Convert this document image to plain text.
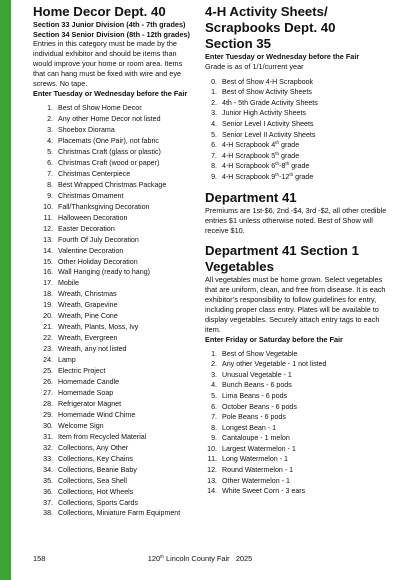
Home Decor Dept. 40

Section 33 Junior Division (4th - 7th grades)

Section 34 Senior Division (8th - 12th grades)

Entries in this category must be made by the individual exhibitor and should be items than would improve your home or room area. Items that can hang must be fixed with wire and eye screws. No tape.

Enter Tuesday or Wednesday before the Fair

1. Best of Show Home Decor
2. Any other Home Decor not listed
3. Shoebox Diorama
4. Placemats (One Pair), not fabric
5. Christmas Craft (glass or plastic)
6. Christmas Craft (wood or paper)
7. Christmas Centerpiece
8. Best Wrapped Christmas Package
9. Christmas Ornament
10. Fall/Thanksgiving Decoration
11. Halloween Decoration
12. Easter Decoration
13. Fourth Of July Decoration
14. Valentine Decoration
15. Other Holiday Decoration
16. Wall Hanging (ready to hang)
17. Mobile
18. Wreath, Christmas
19. Wreath, Grapevine
20. Wreath, Pine Cone
21. Wreath, Plants, Moss, Ivy
22. Wreath, Evergreen
23. Wreath, any not listed
24. Lamp
25. Electric Project
26. Homemade Candle
27. Homemade Soap
28. Refrigerator Magnet
29. Homemade Wind Chime
30. Welcome Sign
31. Item from Recycled Material
32. Collections, Any Other
33. Collections, Key Chains
34. Collections, Beanie Baby
35. Collections, Sea Shell
36. Collections, Hot Wheels
37. Collections, Sports Cards
38. Collections, Miniature Farm Equipment
4-H Activity Sheets/
Scrapbooks Dept. 40
Section 35

Enter Tuesday or Wednesday before the Fair

Grade is as of 1/1/current year

0. Best of Show 4-H Scrapbook
1. Best of Show Activity Sheets
2. 4th - 5th Grade Activity Sheets
3. Junior High Activity Sheets
4. Senior Level I Activity Sheets
5. Senior Level II Activity Sheets
6. 4-H Scrapbook 4th grade
7. 4-H Scrapbook 5th grade
8. 4-H Scrapbook 6th-8th grade
9. 4-H Scrapbook 9th-12th grade
Department 41

Premiums are 1st-$6, 2nd -$4, 3rd -$2, all other credible entries $1 unless otherwise noted. Best of Show will receive $10.

Department 41 Section 1
Vegetables

All vegetables must be home grown. Select vegetables that are uniform, clean, and free from disease. It is each exhibitor’s responsibility to follow guidelines for entry, including proper class entry. Plates will be available to display vegetables. Securely attach entry tags to each item.

Enter Friday or Saturday before the Fair

1. Best of Show Vegetable
2. Any other Vegetable - 1 not listed
3. Unusual Vegetable - 1
4. Bunch Beans - 6 pods
5. Lima Beans - 6 pods
6. October Beans - 6 pods
7. Pole Beans - 6 pods
8. Longest Bean - 1
9. Cantaloupe - 1 melon
10. Largest Watermelon - 1
11. Long Watermelon - 1
12. Round Watermelon - 1
13. Other Watermelon - 1
14. White Sweet Corn - 3 ears
158	120th Lincoln County Fair 2025
